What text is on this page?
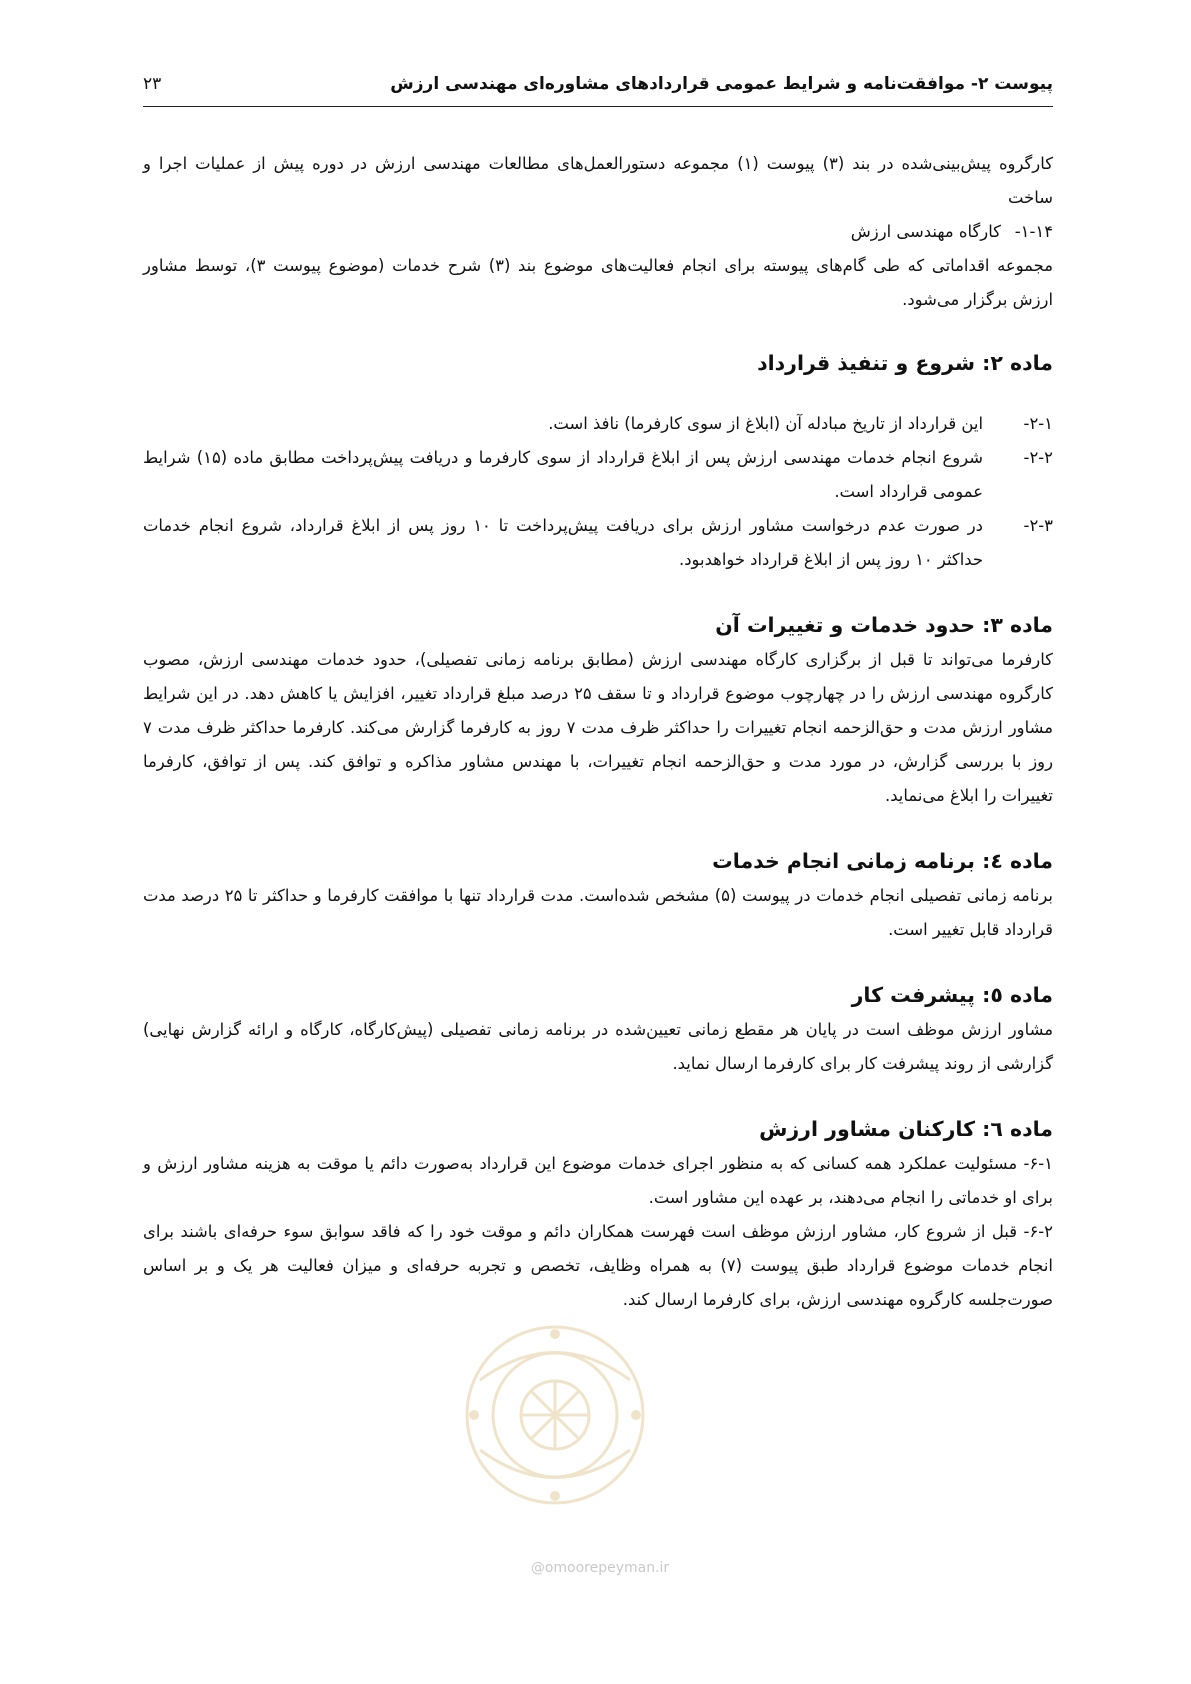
پیوست ۲- موافقت‌نامه و شرایط عمومی قراردادهای مشاوره‌ای مهندسی ارزش
۲۳

کارگروه پیش‌بینی‌شده در بند (۳) پیوست (۱) مجموعه دستورالعمل‌های مطالعات مهندسی ارزش در دوره پیش از عملیات اجرا و ساخت

۱-۱۴-
کارگاه مهندسی ارزش

مجموعه اقداماتی که طی گام‌های پیوسته برای انجام فعالیت‌های موضوع بند (۳) شرح خدمات (موضوع پیوست ۳)، توسط مشاور ارزش برگزار می‌شود.

ماده ۲: شروع و تنفیذ قرارداد
۲-۱-
این قرارداد از تاریخ مبادله آن (ابلاغ از سوی کارفرما) نافذ است.
۲-۲-
شروع انجام خدمات مهندسی ارزش پس از ابلاغ قرارداد از سوی کارفرما و دریافت پیش‌پرداخت مطابق ماده (۱۵) شرایط عمومی قرارداد است.
۲-۳-
در صورت عدم درخواست مشاور ارزش برای دریافت پیش‌پرداخت تا ۱۰ روز پس از ابلاغ قرارداد، شروع انجام خدمات حداکثر ۱۰ روز پس از ابلاغ قرارداد خواهدبود.
ماده ۳: حدود خدمات و تغییرات آن

کارفرما می‌تواند تا قبل از برگزاری کارگاه مهندسی ارزش (مطابق برنامه زمانی تفصیلی)، حدود خدمات مهندسی ارزش، مصوب کارگروه مهندسی ارزش را در چهارچوب موضوع قرارداد و تا سقف ۲۵ درصد مبلغ قرارداد تغییر، افزایش یا کاهش دهد. در این شرایط مشاور ارزش مدت و حق‌الزحمه انجام تغییرات را حداکثر ظرف مدت ۷ روز به کارفرما گزارش می‌کند. کارفرما حداکثر ظرف مدت ۷ روز با بررسی گزارش، در مورد مدت و حق‌الزحمه انجام تغییرات، با مهندس مشاور مذاکره و توافق کند. پس از توافق، کارفرما تغییرات را ابلاغ می‌نماید.

ماده ٤: برنامه زمانی انجام خدمات

برنامه زمانی تفصیلی انجام خدمات در پیوست (۵) مشخص شده‌است. مدت قرارداد تنها با موافقت کارفرما و حداکثر تا ۲۵ درصد مدت قرارداد قابل تغییر است.

ماده ٥: پیشرفت کار

مشاور ارزش موظف است در پایان هر مقطع زمانی تعیین‌شده در برنامه زمانی تفصیلی (پیش‌کارگاه، کارگاه و ارائه گزارش نهایی) گزارشی از روند پیشرفت کار برای کارفرما ارسال نماید.

ماده ٦: کارکنان مشاور ارزش

۶-۱- مسئولیت عملکرد همه کسانی که به منظور اجرای خدمات موضوع این قرارداد به‌صورت دائم یا موقت به هزینه مشاور ارزش و برای او خدماتی را انجام می‌دهند، بر عهده این مشاور است.

۶-۲- قبل از شروع کار، مشاور ارزش موظف است فهرست همکاران دائم و موقت خود را که فاقد سوابق سوء حرفه‌ای باشند برای انجام خدمات موضوع قرارداد طبق پیوست (۷) به همراه وظایف، تخصص و تجربه حرفه‌ای و میزان فعالیت هر یک و بر اساس صورت‌جلسه کارگروه مهندسی ارزش، برای کارفرما ارسال کند.

@omoorepeyman.ir
